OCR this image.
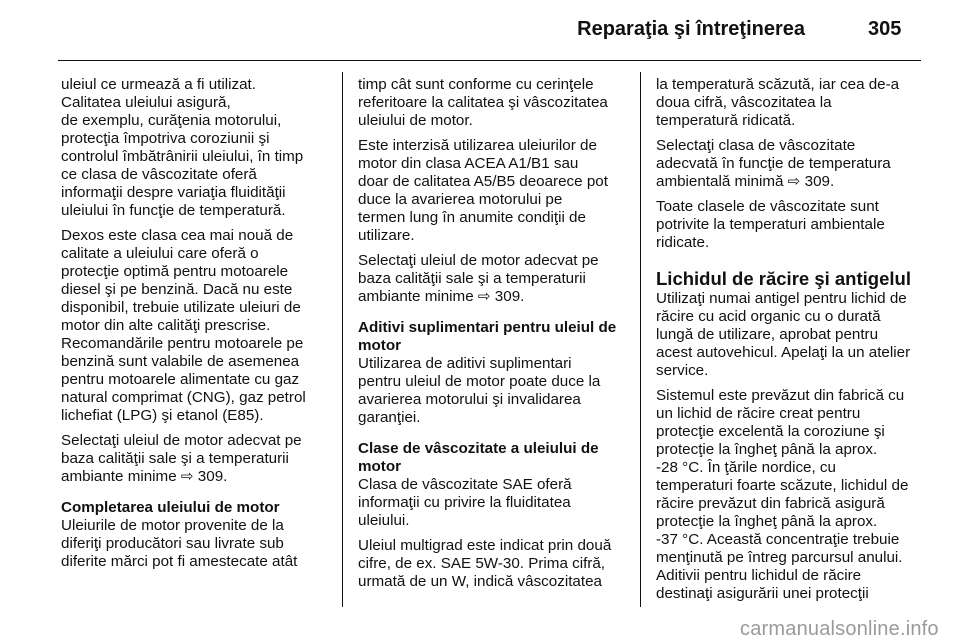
Reparaţia şi întreţinerea	305
uleiul ce urmează a fi utilizat.
Calitatea uleiului asigură,
de exemplu, curăţenia motorului,
protecţia împotriva coroziunii şi
controlul îmbătrânirii uleiului, în timp
ce clasa de vâscozitate oferă
informaţii despre variaţia fluidităţii
uleiului în funcţie de temperatură.
Dexos este clasa cea mai nouă de
calitate a uleiului care oferă o
protecţie optimă pentru motoarele
diesel şi pe benzină. Dacă nu este
disponibil, trebuie utilizate uleiuri de
motor din alte calităţi prescrise.
Recomandările pentru motoarele pe
benzină sunt valabile de asemenea
pentru motoarele alimentate cu gaz
natural comprimat (CNG), gaz petrol
lichefiat (LPG) şi etanol (E85).
Selectaţi uleiul de motor adecvat pe
baza calităţii sale şi a temperaturii
ambiante minime ⇨ 309.
Completarea uleiului de motor
Uleiurile de motor provenite de la
diferiţi producători sau livrate sub
diferite mărci pot fi amestecate atât
timp cât sunt conforme cu cerinţele
referitoare la calitatea şi vâscozitatea
uleiului de motor.
Este interzisă utilizarea uleiurilor de
motor din clasa ACEA A1/B1 sau
doar de calitatea A5/B5 deoarece pot
duce la avarierea motorului pe
termen lung în anumite condiţii de
utilizare.
Selectaţi uleiul de motor adecvat pe
baza calităţii sale şi a temperaturii
ambiante minime ⇨ 309.
Aditivi suplimentari pentru uleiul de
motor
Utilizarea de aditivi suplimentari
pentru uleiul de motor poate duce la
avarierea motorului şi invalidarea
garanţiei.
Clase de vâscozitate a uleiului de
motor
Clasa de vâscozitate SAE oferă
informaţii cu privire la fluiditatea
uleiului.
Uleiul multigrad este indicat prin două
cifre, de ex. SAE 5W-30. Prima cifră,
urmată de un W, indică vâscozitatea
la temperatură scăzută, iar cea de-a
doua cifră, vâscozitatea la
temperatură ridicată.
Selectaţi clasa de vâscozitate
adecvată în funcţie de temperatura
ambientală minimă ⇨ 309.
Toate clasele de vâscozitate sunt
potrivite la temperaturi ambientale
ridicate.
Lichidul de răcire şi antigelul
Utilizaţi numai antigel pentru lichid de
răcire cu acid organic cu o durată
lungă de utilizare, aprobat pentru
acest autovehicul. Apelaţi la un atelier
service.
Sistemul este prevăzut din fabrică cu
un lichid de răcire creat pentru
protecţie excelentă la coroziune şi
protecţie la îngheţ până la aprox.
-28 °C. În ţările nordice, cu
temperaturi foarte scăzute, lichidul de
răcire prevăzut din fabrică asigură
protecţie la îngheţ până la aprox.
-37 °C. Această concentraţie trebuie
menţinută pe întreg parcursul anului.
Aditivii pentru lichidul de răcire
destinaţi asigurării unei protecţii
carmanualsonline.info
